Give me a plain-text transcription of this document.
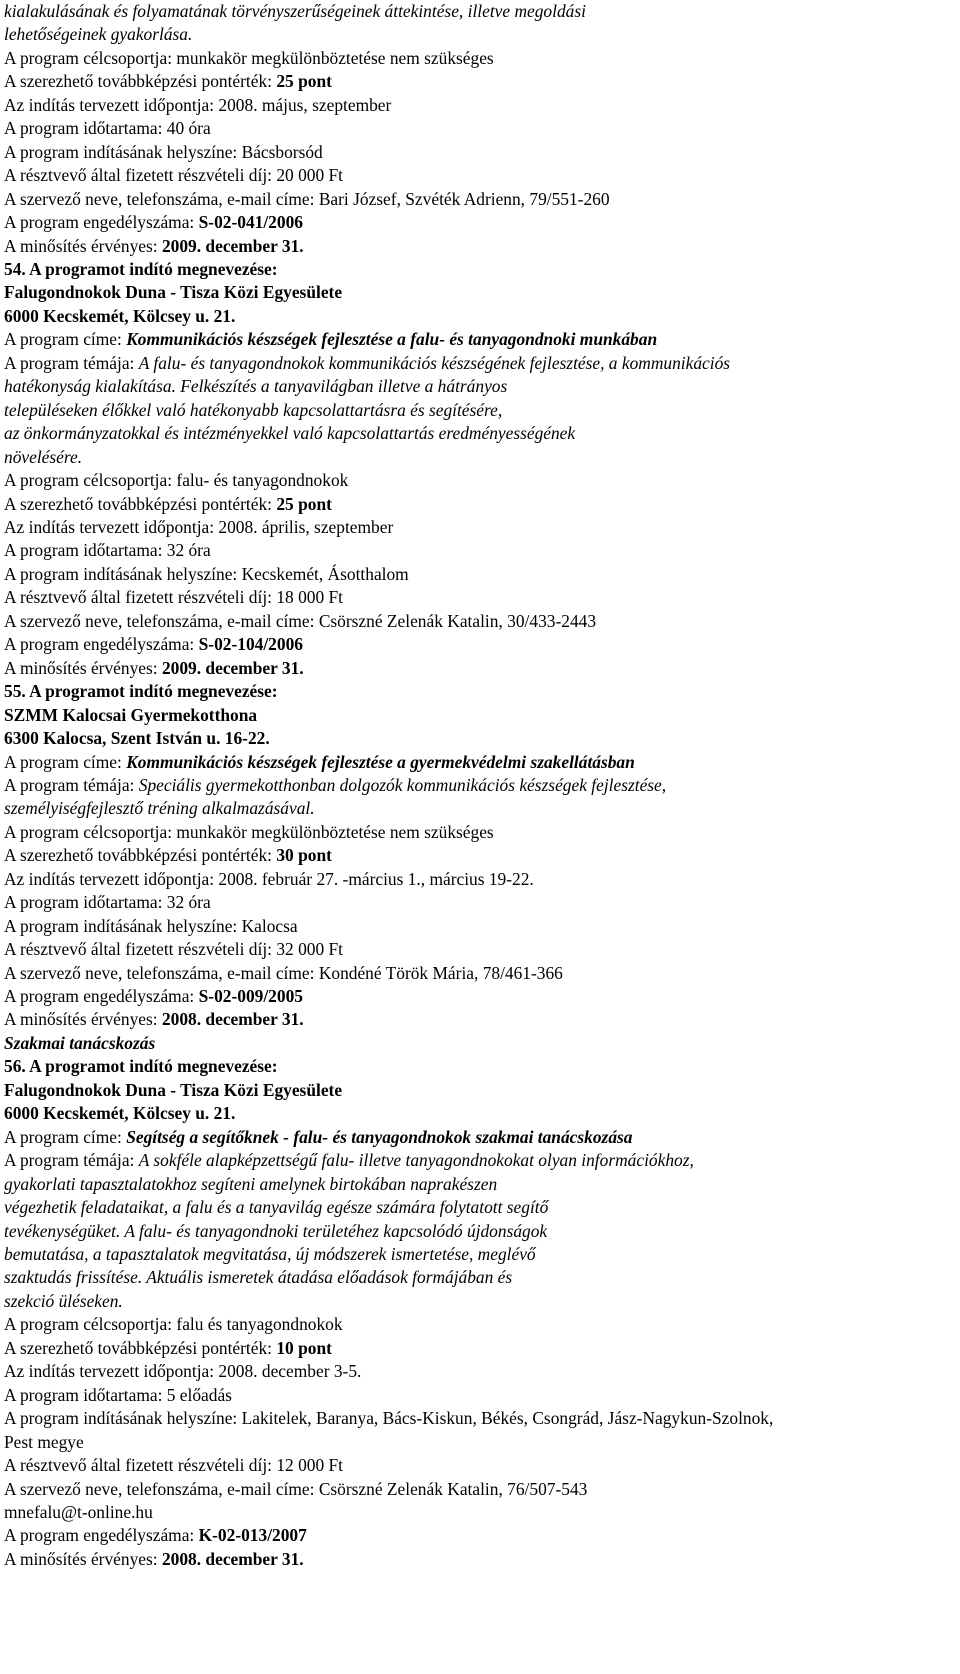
kialakulásának és folyamatának törvényszerűségeinek áttekintése, illetve megoldási
lehetőségeinek gyakorlása.
A program célcsoportja: munkakör megkülönböztetése nem szükséges
A szerezhető továbbképzési pontérték: 25 pont
Az indítás tervezett időpontja: 2008. május, szeptember
A program időtartama: 40 óra
A program indításának helyszíne: Bácsborsód
A résztvevő által fizetett részvételi díj: 20 000 Ft
A szervező neve, telefonszáma, e-mail címe: Bari József, Szvéték Adrienn, 79/551-260
A program engedélyszáma: S-02-041/2006
A minősítés érvényes: 2009. december 31.
54. A programot indító megnevezése:
Falugondnokok Duna - Tisza Közi Egyesülete
6000 Kecskemét, Kölcsey u. 21.
A program címe: Kommunikációs készségek fejlesztése a falu- és tanyagondnoki munkában
A program témája: A falu- és tanyagondnokok kommunikációs készségének fejlesztése, a kommunikációs
hatékonyság kialakítása. Felkészítés a tanyavilágban illetve a hátrányos
településeken élőkkel való hatékonyabb kapcsolattartásra és segítésére,
az önkormányzatokkal és intézményekkel való kapcsolattartás eredményességének
növelésére.
A program célcsoportja: falu- és tanyagondnokok
A szerezhető továbbképzési pontérték: 25 pont
Az indítás tervezett időpontja: 2008. április, szeptember
A program időtartama: 32 óra
A program indításának helyszíne: Kecskemét, Ásotthalom
A résztvevő által fizetett részvételi díj: 18 000 Ft
A szervező neve, telefonszáma, e-mail címe: Csörszné Zelenák Katalin, 30/433-2443
A program engedélyszáma: S-02-104/2006
A minősítés érvényes: 2009. december 31.
55. A programot indító megnevezése:
SZMM Kalocsai Gyermekotthona
6300 Kalocsa, Szent István u. 16-22.
A program címe: Kommunikációs készségek fejlesztése a gyermekvédelmi szakellátásban
A program témája: Speciális gyermekotthonban dolgozók kommunikációs készségek fejlesztése,
személyiségfejlesztő tréning alkalmazásával.
A program célcsoportja: munkakör megkülönböztetése nem szükséges
A szerezhető továbbképzési pontérték: 30 pont
Az indítás tervezett időpontja: 2008. február 27. -március 1., március 19-22.
A program időtartama: 32 óra
A program indításának helyszíne: Kalocsa
A résztvevő által fizetett részvételi díj: 32 000 Ft
A szervező neve, telefonszáma, e-mail címe: Kondéné Török Mária, 78/461-366
A program engedélyszáma: S-02-009/2005
A minősítés érvényes: 2008. december 31.
Szakmai tanácskozás
56. A programot indító megnevezése:
Falugondnokok Duna - Tisza Közi Egyesülete
6000 Kecskemét, Kölcsey u. 21.
A program címe: Segítség a segítőknek - falu- és tanyagondnokok szakmai tanácskozása
A program témája: A sokféle alapképzettségű falu- illetve tanyagondnokokat olyan információkhoz,
gyakorlati tapasztalatokhoz segíteni amelynek birtokában naprakészen
végezhetik feladataikat, a falu és a tanyavilág egésze számára folytatott segítő
tevékenységüket. A falu- és tanyagondnoki területéhez kapcsolódó újdonságok
bemutatása, a tapasztalatok megvitatása, új módszerek ismertetése, meglévő
szaktudás frissítése. Aktuális ismeretek átadása előadások formájában és
szekció üléseken.
A program célcsoportja: falu és tanyagondnokok
A szerezhető továbbképzési pontérték: 10 pont
Az indítás tervezett időpontja: 2008. december 3-5.
A program időtartama: 5 előadás
A program indításának helyszíne: Lakitelek, Baranya, Bács-Kiskun, Békés, Csongrád, Jász-Nagykun-Szolnok,
Pest megye
A résztvevő által fizetett részvételi díj: 12 000 Ft
A szervező neve, telefonszáma, e-mail címe: Csörszné Zelenák Katalin, 76/507-543
mnefalu@t-online.hu
A program engedélyszáma: K-02-013/2007
A minősítés érvényes: 2008. december 31.
